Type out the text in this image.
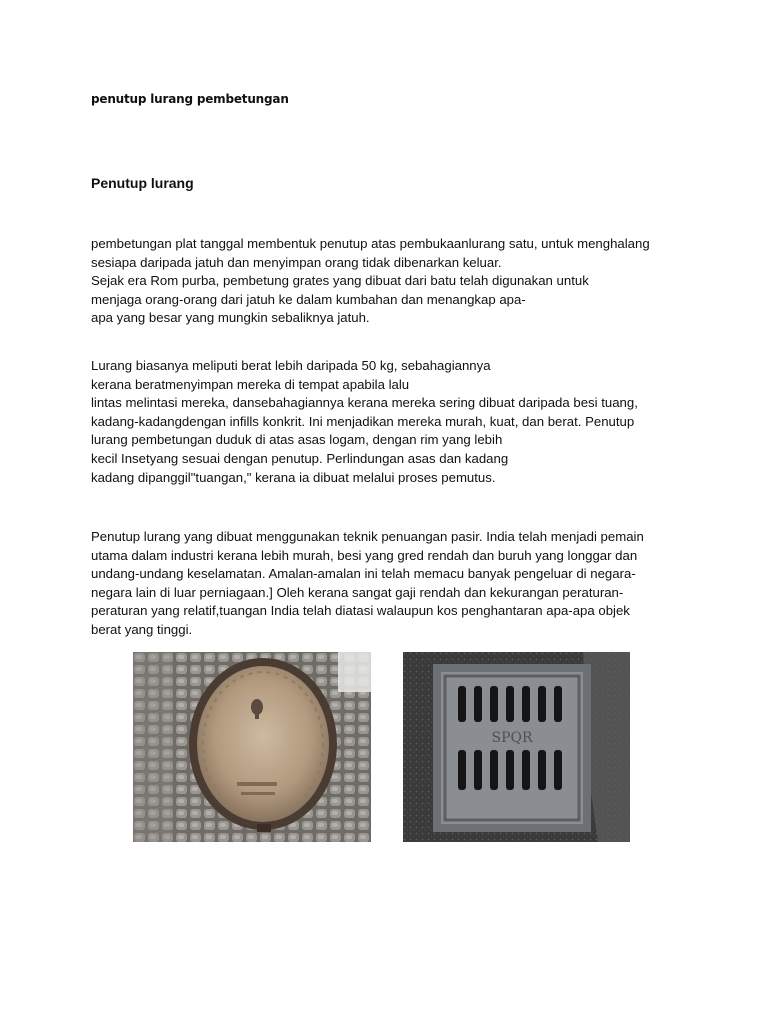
penutup lurang pembetungan
Penutup lurang

pembetungan plat tanggal membentuk penutup atas pembukaanlurang satu, untuk menghalang
sesiapa daripada jatuh dan menyimpan orang tidak dibenarkan keluar.
Sejak era Rom purba, pembetung grates yang dibuat dari batu telah digunakan untuk
menjaga orang-orang dari jatuh ke dalam kumbahan dan menangkap apa-
apa yang besar yang mungkin sebaliknya jatuh.

Lurang biasanya meliputi berat lebih daripada 50 kg, sebahagiannya
kerana beratmenyimpan mereka di tempat apabila lalu
lintas melintasi mereka, dansebahagiannya kerana mereka sering dibuat daripada besi tuang,
kadang-kadangdengan infills konkrit. Ini menjadikan mereka murah, kuat, dan berat. Penutup
lurang pembetungan duduk di atas asas logam, dengan rim yang lebih
kecil Insetyang sesuai dengan penutup. Perlindungan asas dan kadang
kadang dipanggil"tuangan," kerana ia dibuat melalui proses pemutus.

Penutup lurang yang dibuat menggunakan teknik penuangan pasir. India telah menjadi pemain
utama dalam industri kerana lebih murah, besi yang gred rendah dan buruh yang longgar dan
undang-undang keselamatan. Amalan-amalan ini telah memacu banyak pengeluar di negara-
negara lain di luar perniagaan.] Oleh kerana sangat gaji rendah dan kekurangan peraturan-
peraturan yang relatif,tuangan India telah diatasi walaupun kos penghantaran apa-apa objek
berat yang tinggi.

SPQR
